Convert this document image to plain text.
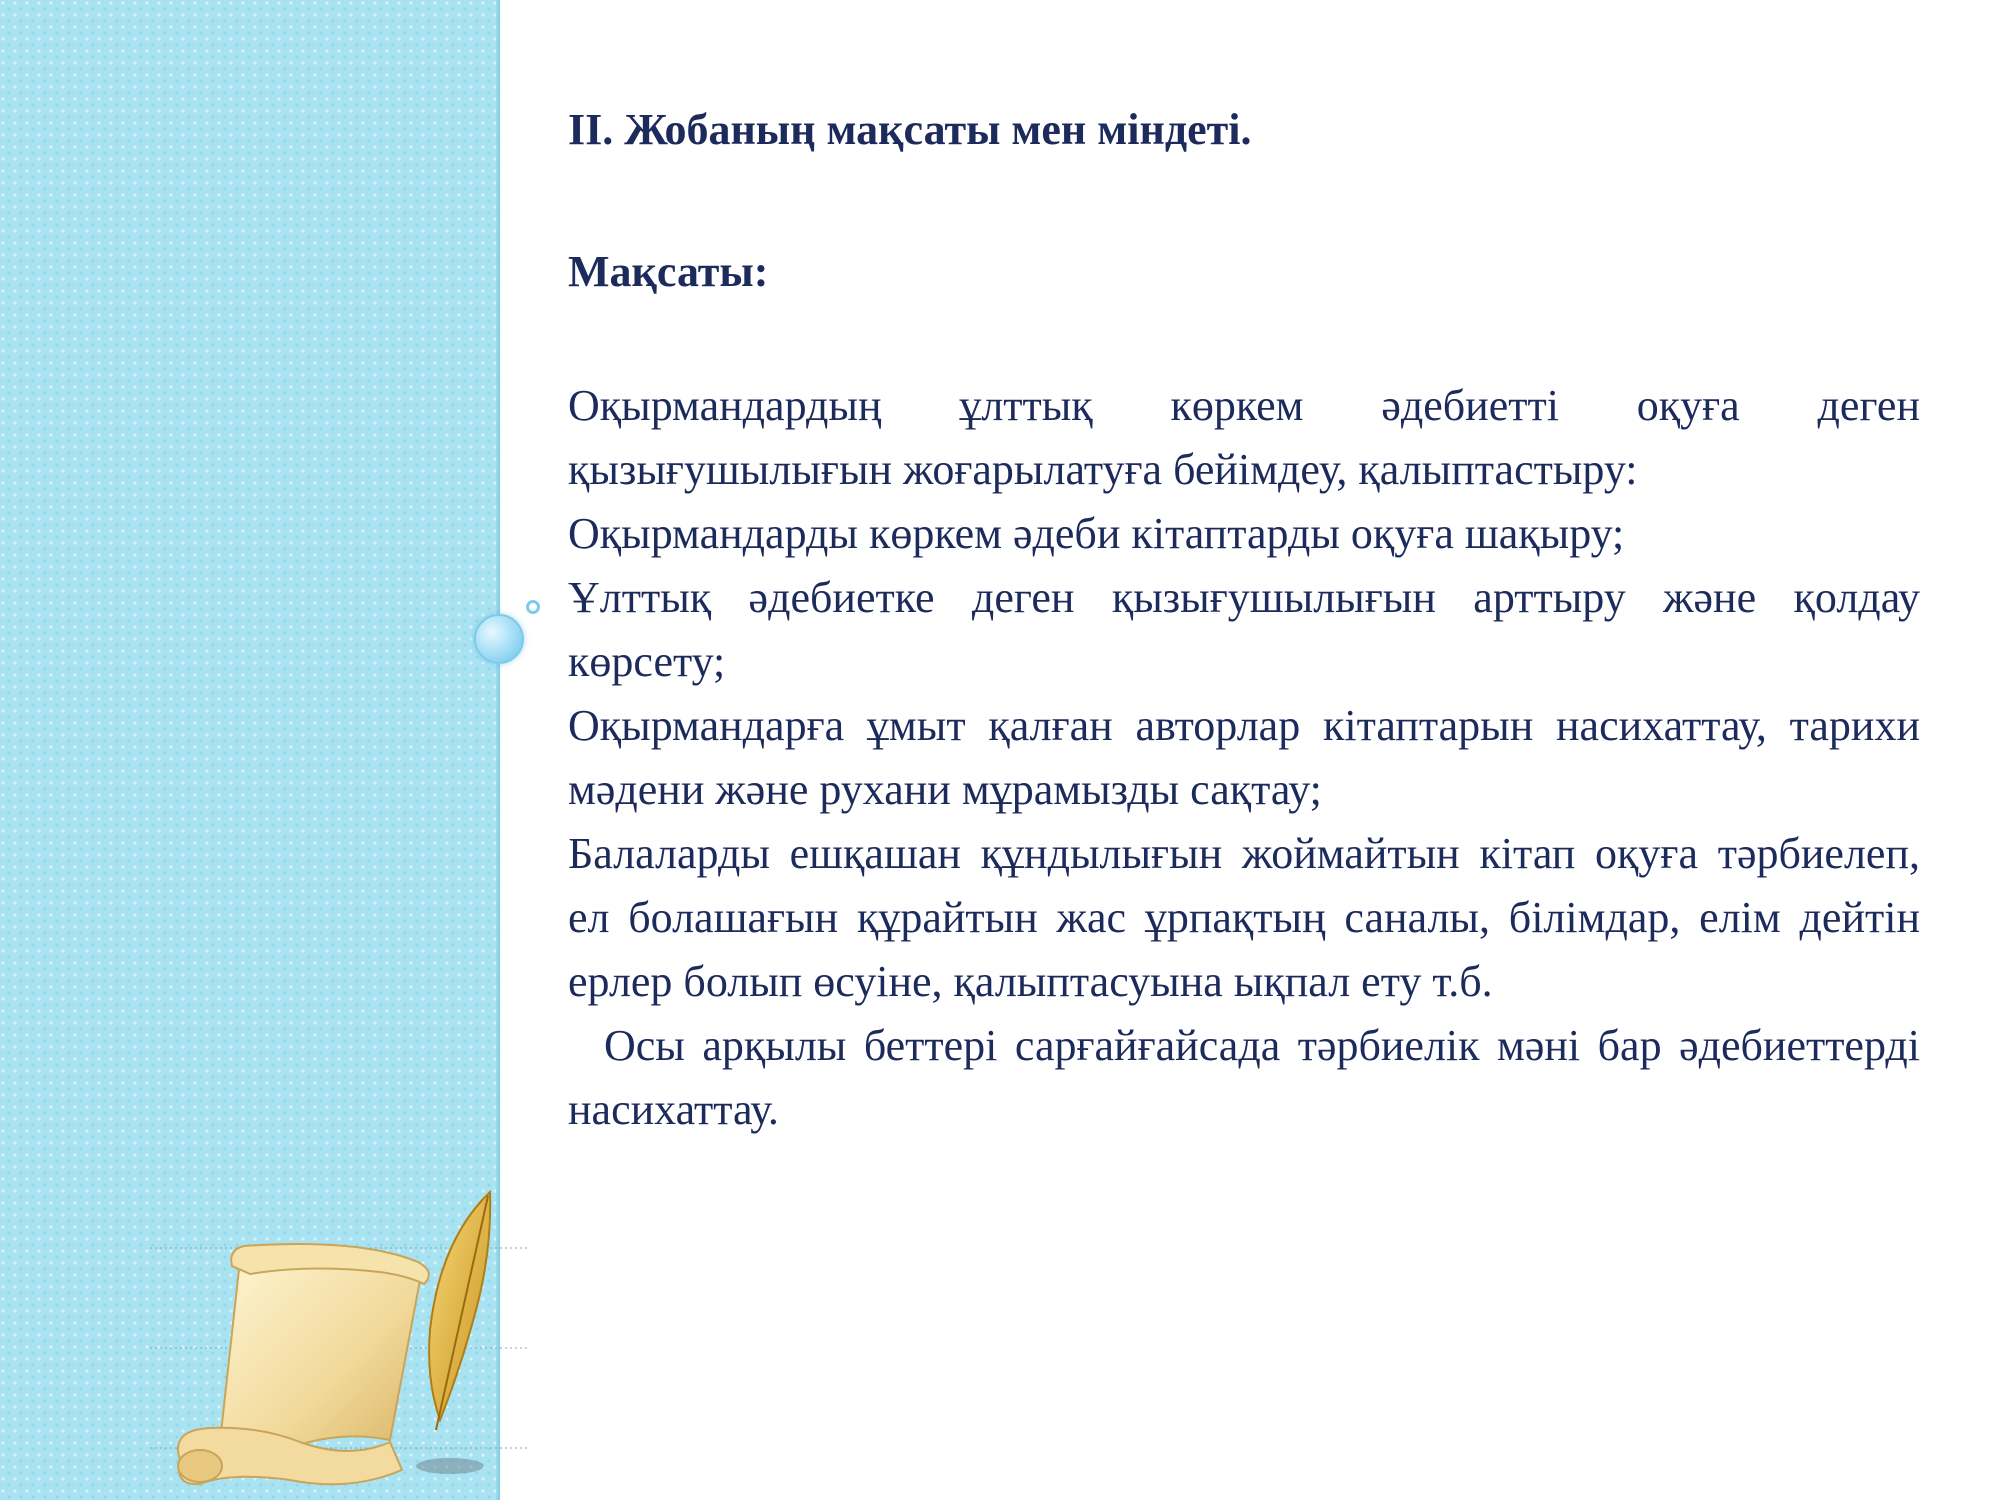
ІІ. Жобаның мақсаты мен міндеті.

Мақсаты:

Оқырмандардың ұлттық көркем әдебиетті оқуға деген қызығушылығын жоғарылатуға бейімдеу, қалыптастыру:

Оқырмандарды көркем әдеби кітаптарды оқуға шақыру;

Ұлттық әдебиетке деген қызығушылығын арттыру және қолдау көрсету;

Оқырмандарға ұмыт қалған авторлар кітаптарын насихаттау, тарихи мәдени және рухани мұрамызды сақтау;

Балаларды ешқашан құндылығын жоймайтын кітап оқуға тәрбиелеп, ел болашағын құрайтын жас ұрпақтың саналы, білімдар, елім дейтін ерлер болып өсуіне, қалыптасуына ықпал ету т.б.

Осы арқылы беттері сарғайғайсада тәрбиелік мәні бар әдебиеттерді насихаттау.
